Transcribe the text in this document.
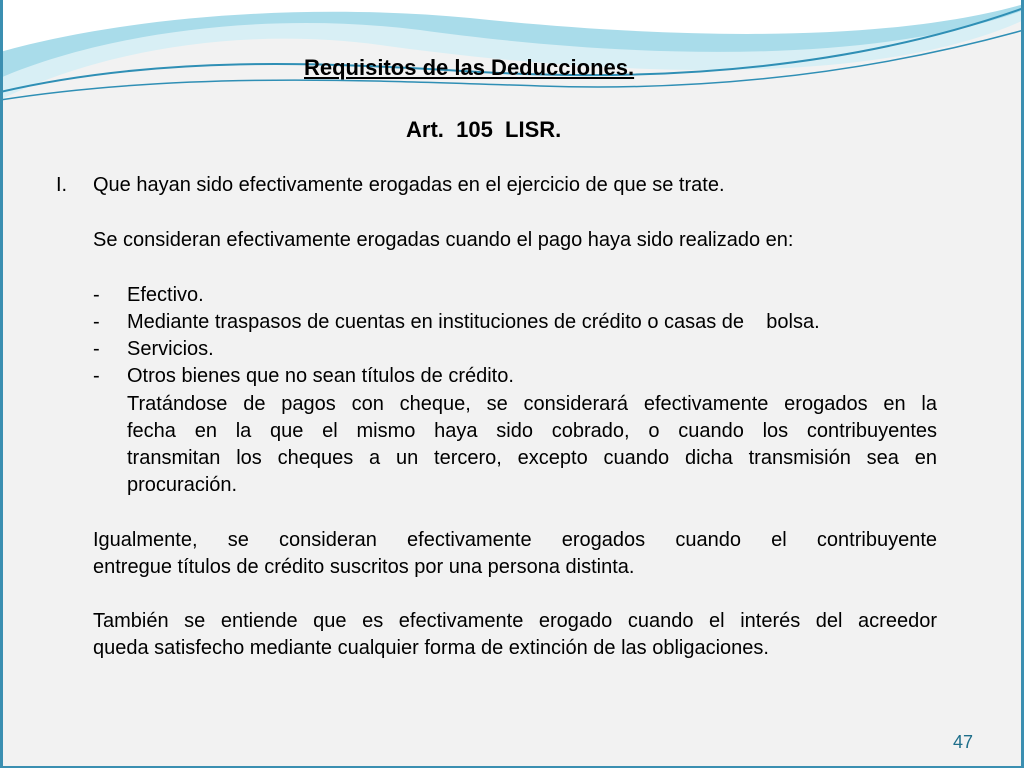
Requisitos de las Deducciones.
Art.  105  LISR.
I. Que hayan sido efectivamente erogadas en el ejercicio de que se trate.
Se consideran efectivamente erogadas cuando el pago haya sido realizado en:
- Efectivo.
- Mediante traspasos de cuentas en instituciones de crédito o casas de    bolsa.
- Servicios.
- Otros bienes que no sean títulos de crédito.
Tratándose de pagos con cheque, se considerará efectivamente erogados en la
fecha en la que el mismo haya sido cobrado, o cuando los contribuyentes
transmitan los cheques a un tercero, excepto cuando dicha transmisión sea en
procuración.
Igualmente, se consideran efectivamente erogados cuando el contribuyente
entregue títulos de crédito suscritos por una persona distinta.
También se entiende que es efectivamente erogado cuando el interés del acreedor
queda satisfecho mediante cualquier forma de extinción de las obligaciones.
47
